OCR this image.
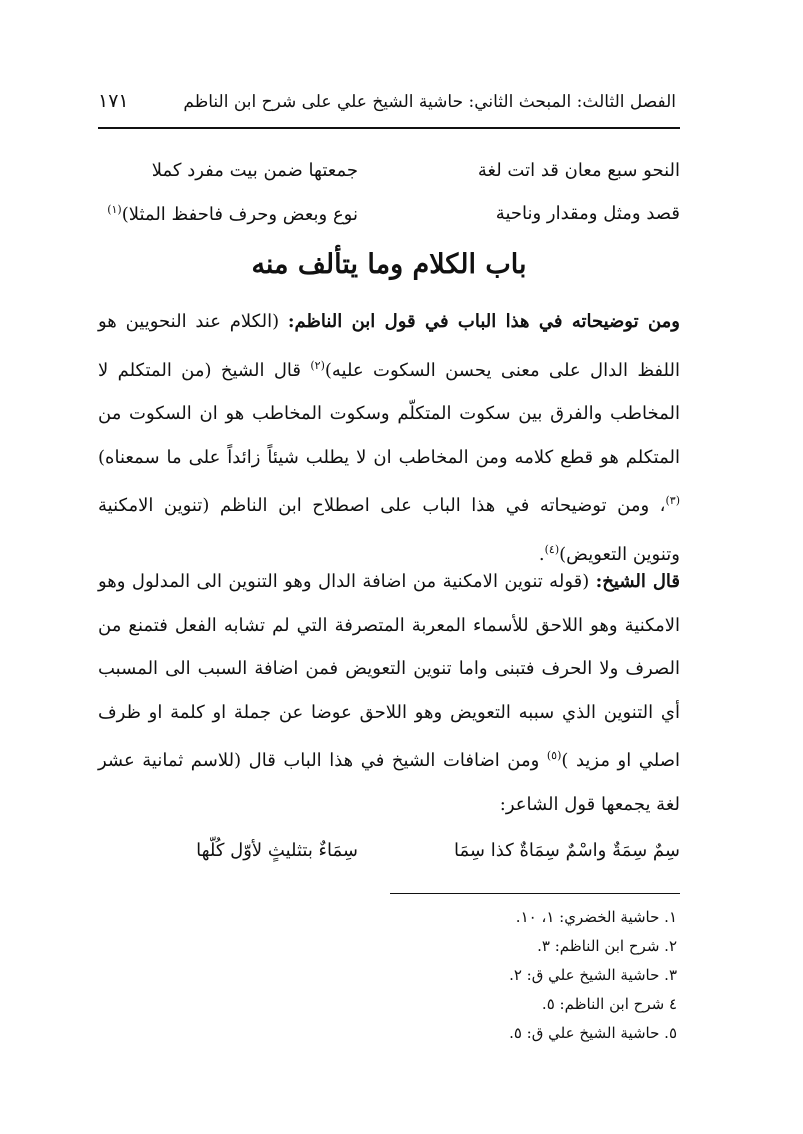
الفصل الثالث: المبحث الثاني: حاشية الشيخ علي على شرح ابن الناظم
١٧١
النحو سبع معان قد اتت لغة
جمعتها ضمن بيت مفرد كملا
قصد ومثل ومقدار وناحية
نوع وبعض وحرف فاحفظ المثلا)$^{(١)}$
باب الكلام وما يتألف منه

ومن توضيحاته في هذا الباب في قول ابن الناظم: (الكلام عند النحويين هو اللفظ الدال على معنى يحسن السكوت عليه)$^{(٢)}$ قال الشيخ (من المتكلم لا المخاطب والفرق بين سكوت المتكلّم وسكوت المخاطب هو ان السكوت من المتكلم هو قطع كلامه ومن المخاطب ان لا يطلب شيئاً زائداً على ما سمعناه)$^{(٣)}$، ومن توضيحاته في هذا الباب على اصطلاح ابن الناظم (تنوين الامكنية وتنوين التعويض)$^{(٤)}$.

قال الشيخ: (قوله تنوين الامكنية من اضافة الدال وهو التنوين الى المدلول وهو الامكنية وهو اللاحق للأسماء المعربة المتصرفة التي لم تشابه الفعل فتمنع من الصرف ولا الحرف فتبنى واما تنوين التعويض فمن اضافة السبب الى المسبب أي التنوين الذي سببه التعويض وهو اللاحق عوضا عن جملة او كلمة او ظرف اصلي او مزيد )$^{(٥)}$ ومن اضافات الشيخ في هذا الباب قال (للاسم ثمانية عشر لغة يجمعها قول الشاعر:

سِمٌ سِمَةٌ واسْمٌ سِمَاةٌ كذا سِمَا
سِمَاءٌ بتثليثٍ لأوّل كُلّها
١. حاشية الخضري: ١، ١٠.
٢. شرح ابن الناظم: ٣.
٣. حاشية الشيخ علي ق: ٢.
٤ شرح ابن الناظم: ٥.
٥. حاشية الشيخ علي ق: ٥.
